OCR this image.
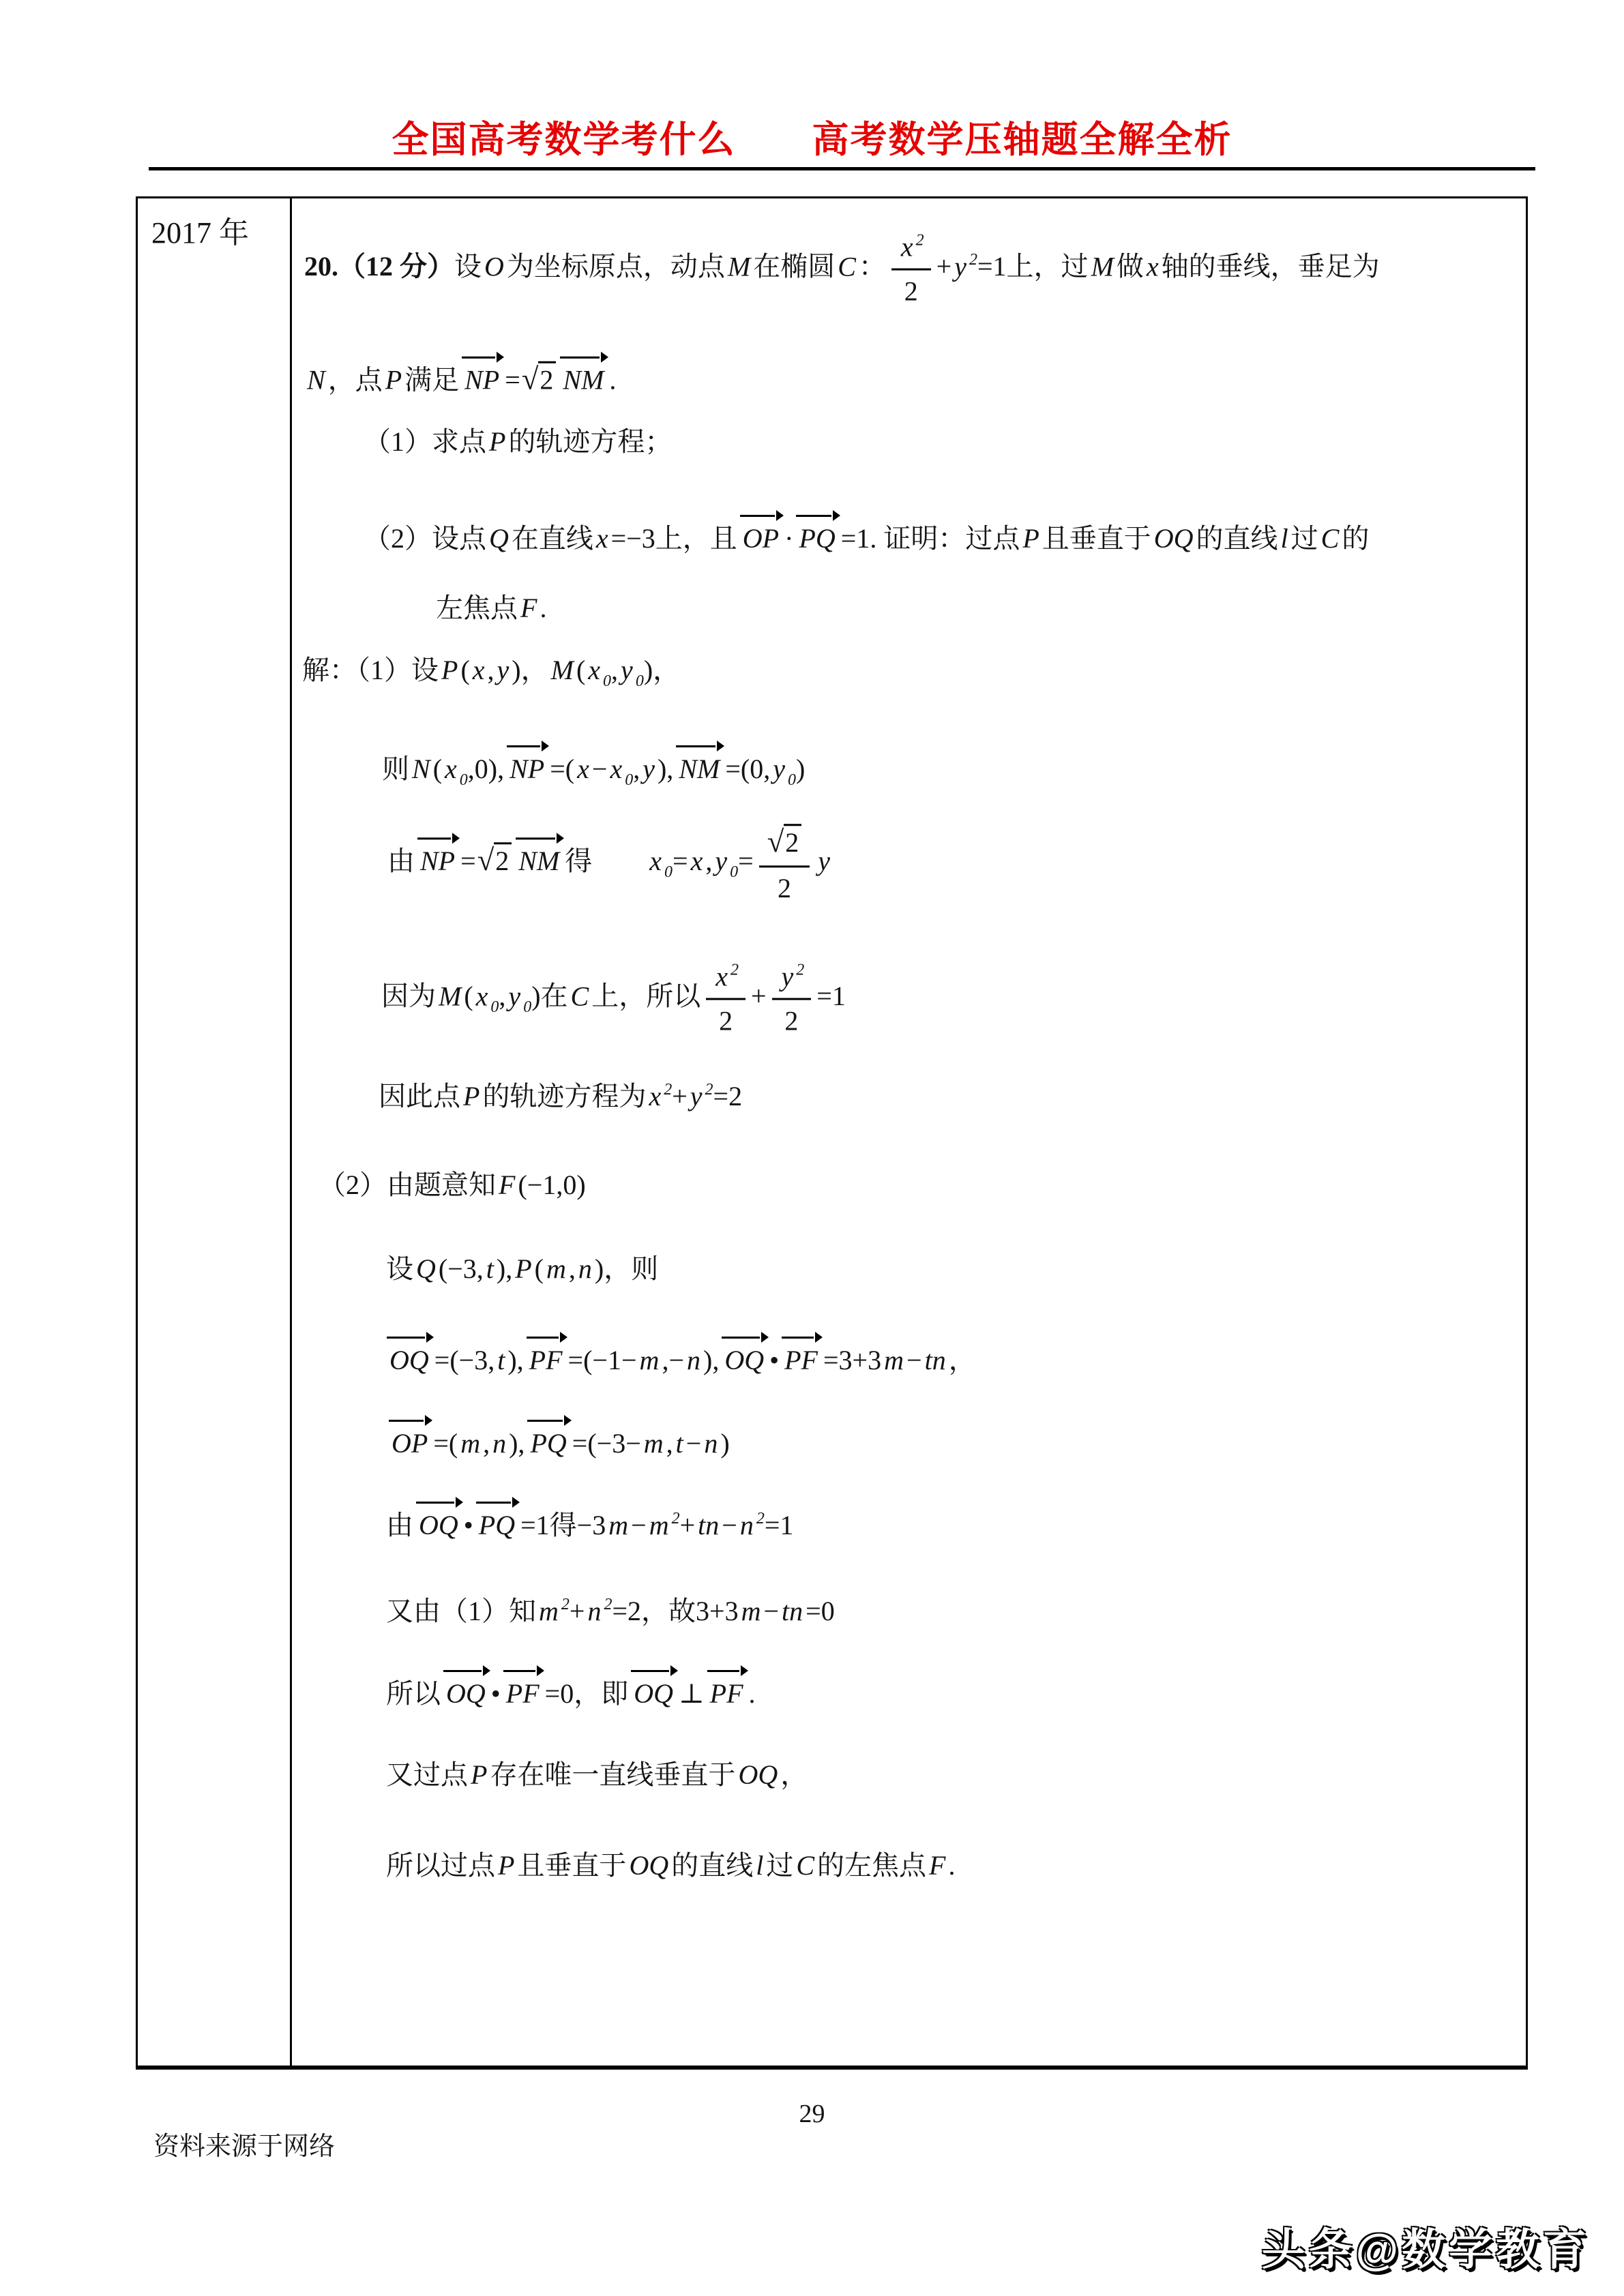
全国高考数学考什么　　高考数学压轴题全解全析
2017 年
20.（12 分）设 O 为坐标原点，动点 M 在椭圆 C ： $\frac{x ^2}{2} + y$ $^2$=1上，过 M 做 x 轴的垂线，垂足为
N ，点 P 满足 NP =√2 NM .
（1）求点 P 的轨迹方程；
（2）设点 Q 在直线 x =−3上，且 OP · PQ =1. 证明：过点 P 且垂直于 OQ 的直线 l 过 C 的
左焦点 F .
解：（1）设 P ( x , y )， M ( x $_0$, y $_0$)，
则 N ( x $_0$,0), NP =( x − x $_0$, y ), NM =(0, y $_0$)
由 NP =√2 NM 得　　x $_0$= x , y $_0= \frac{√2}{2}$ y
因为 M ( x $_0$, y $_0$)在 C 上，所以 $\frac{x ^2}{2} + \frac{y ^2}{2} =1$
因此点 P 的轨迹方程为 x $^2$+ y $^2$=2
（2）由题意知 F (−1,0)
设 Q (−3, t ), P ( m , n )，则
OQ =(−3, t ), PF =(−1− m ,− n ), OQ • PF =3+3 m − tn ，
OP =( m , n ), PQ =(−3− m , t − n )
由 OQ • PQ =1得−3 m − m $^2$+ tn − n $^2$=1
又由（1）知 m $^2$+ n $^2$=2，故3+3 m − tn =0
所以 OQ • PF =0，即 OQ ⊥ PF .
又过点 P 存在唯一直线垂直于 OQ ，
所以过点 P 且垂直于 OQ 的直线 l 过 C 的左焦点 F .
29
资料来源于网络
头条@数学教育
